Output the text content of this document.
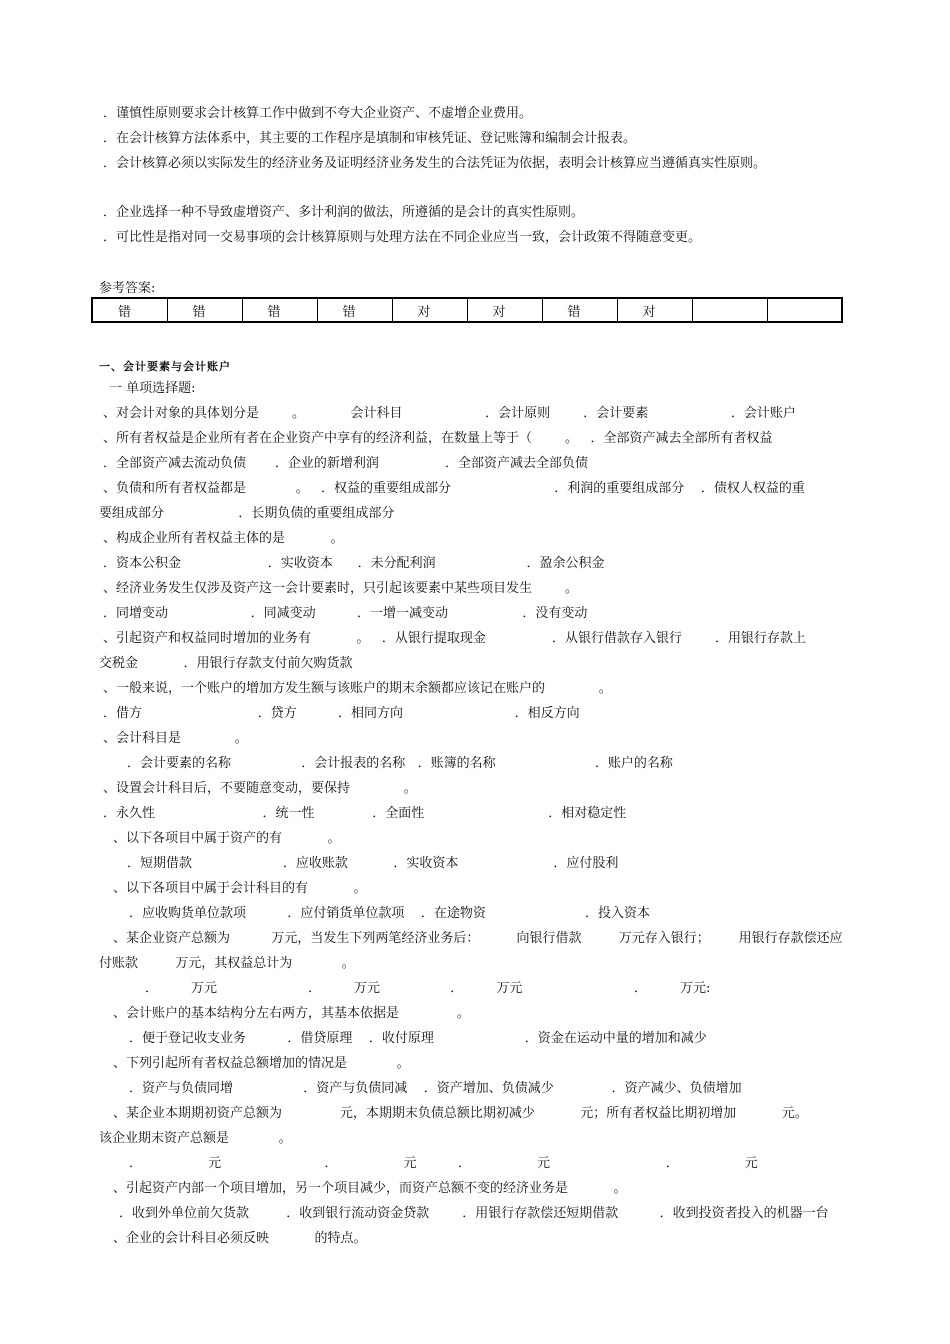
．谨慎性原则要求会计核算工作中做到不夸大企业资产、不虚增企业费用。
．在会计核算方法体系中，其主要的工作程序是填制和审核凭证、登记账簿和编制会计报表。
．会计核算必须以实际发生的经济业务及证明经济业务发生的合法凭证为依据，表明会计核算应当遵循真实性原则。
．企业选择一种不导致虚增资产、多计利润的做法，所遵循的是会计的真实性原则。
．可比性是指对同一交易事项的会计核算原则与处理方法在不同企业应当一致，会计政策不得随意变更。
参考答案:
错	错	错	错	对	对	错	对		
一、会计要素与会计账户
一 单项选择题:
、对会计对象的具体划分是        。           会计科目                    ．会计原则        ．会计要素                    ．会计账户
、所有者权益是企业所有者在企业资产中享有的经济利益，在数量上等于（        。   ．全部资产减去全部所有者权益
．全部资产减去流动负债       ．企业的新增利润                ．全部资产减去全部负债
、负债和所有者权益都是            。   ．权益的重要组成部分                         ．利润的重要组成部分    ．债权人权益的重
要组成部分                  ．长期负债的重要组成部分
、构成企业所有者权益主体的是           。
．资本公积金                     ．实收资本      ．未分配利润                      ．盈余公积金
、经济业务发生仅涉及资产这一会计要素时，只引起该要素中某些项目发生        。
．同增变动                    ．同减变动          ．一增一减变动                  ．没有变动
、引起资产和权益同时增加的业务有           。   ．从银行提取现金                ．从银行借款存入银行        ．用银行存款上
交税金           ．用银行存款支付前欠购货款
、一般来说，一个账户的增加方发生额与该账户的期末余额都应该记在账户的             。
．借方                            ．贷方          ．相同方向                           ．相反方向
、会计科目是             。
．会计要素的名称                 ．会计报表的名称   ．账簿的名称                        ．账户的名称
、设置会计科目后，不要随意变动，要保持             。
．永久性                          ．统一性              ．全面性                              ．相对稳定性
、以下各项目中属于资产的有           。
．短期借款                      ．应收账款           ．实收资本                       ．应付股利
、以下各项目中属于会计科目的有           。
．应收购货单位款项          ．应付销货单位款项    ．在途物资                        ．投入资本
、某企业资产总额为          万元，当发生下列两笔经济业务后：         向银行借款         万元存入银行；       用银行存款偿还应
付账款         万元，其权益总计为            。
．        万元                      ．        万元                 ．        万元                           ．        万元:
、会计账户的基本结构分左右两方，其基本依据是              。
．便于登记收支业务          ．借贷原理    ．收付原理                      ．资金在运动中量的增加和减少
、下列引起所有者权益总额增加的情况是            。
．资产与负债同增                 ．资产与负债同减    ．资产增加、负债减少              ．资产减少、负债增加
、某企业本期期初资产总额为              元，本期期末负债总额比期初减少           元；所有者权益比期初增加           元。
该企业期末资产总额是            。
．                元                         ．                元          ．                元                            ．                元
、引起资产内部一个项目增加，另一个项目减少，而资产总额不变的经济业务是           。
．收到外单位前欠货款         ．收到银行流动资金贷款        ．用银行存款偿还短期借款          ．收到投资者投入的机器一台
、企业的会计科目必须反映           的特点。
